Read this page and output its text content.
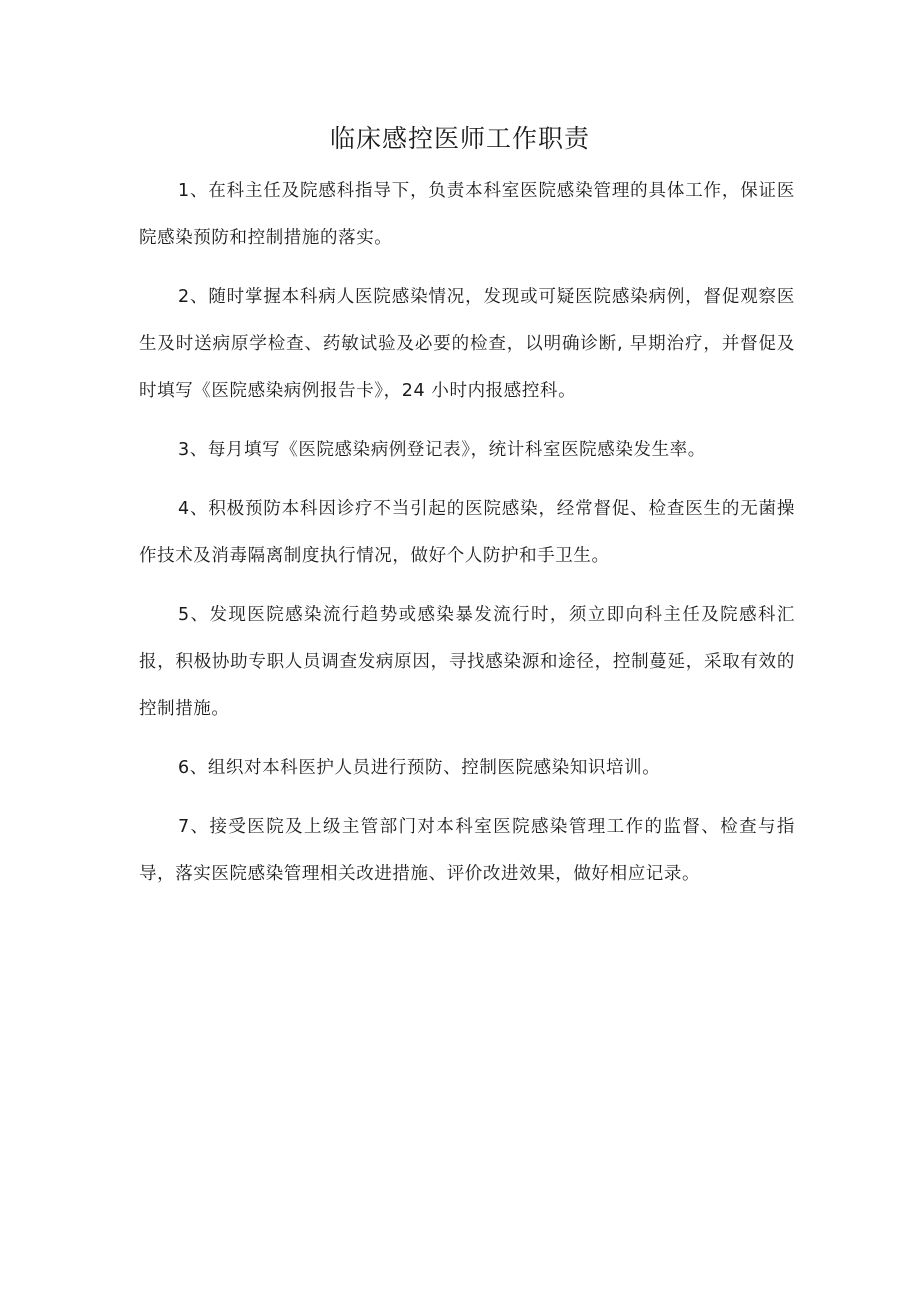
临床感控医师工作职责

1、在科主任及院感科指导下，负责本科室医院感染管理的具体工作，保证医院感染预防和控制措施的落实。

2、随时掌握本科病人医院感染情况，发现或可疑医院感染病例，督促观察医生及时送病原学检查、药敏试验及必要的检查，以明确诊断, 早期治疗，并督促及时填写《医院感染病例报告卡》，24 小时内报感控科。

3、每月填写《医院感染病例登记表》，统计科室医院感染发生率。

4、积极预防本科因诊疗不当引起的医院感染，经常督促、检查医生的无菌操作技术及消毒隔离制度执行情况，做好个人防护和手卫生。

5、发现医院感染流行趋势或感染暴发流行时，须立即向科主任及院感科汇报，积极协助专职人员调查发病原因，寻找感染源和途径，控制蔓延，采取有效的控制措施。

6、组织对本科医护人员进行预防、控制医院感染知识培训。

7、接受医院及上级主管部门对本科室医院感染管理工作的监督、检查与指导，落实医院感染管理相关改进措施、评价改进效果，做好相应记录。
